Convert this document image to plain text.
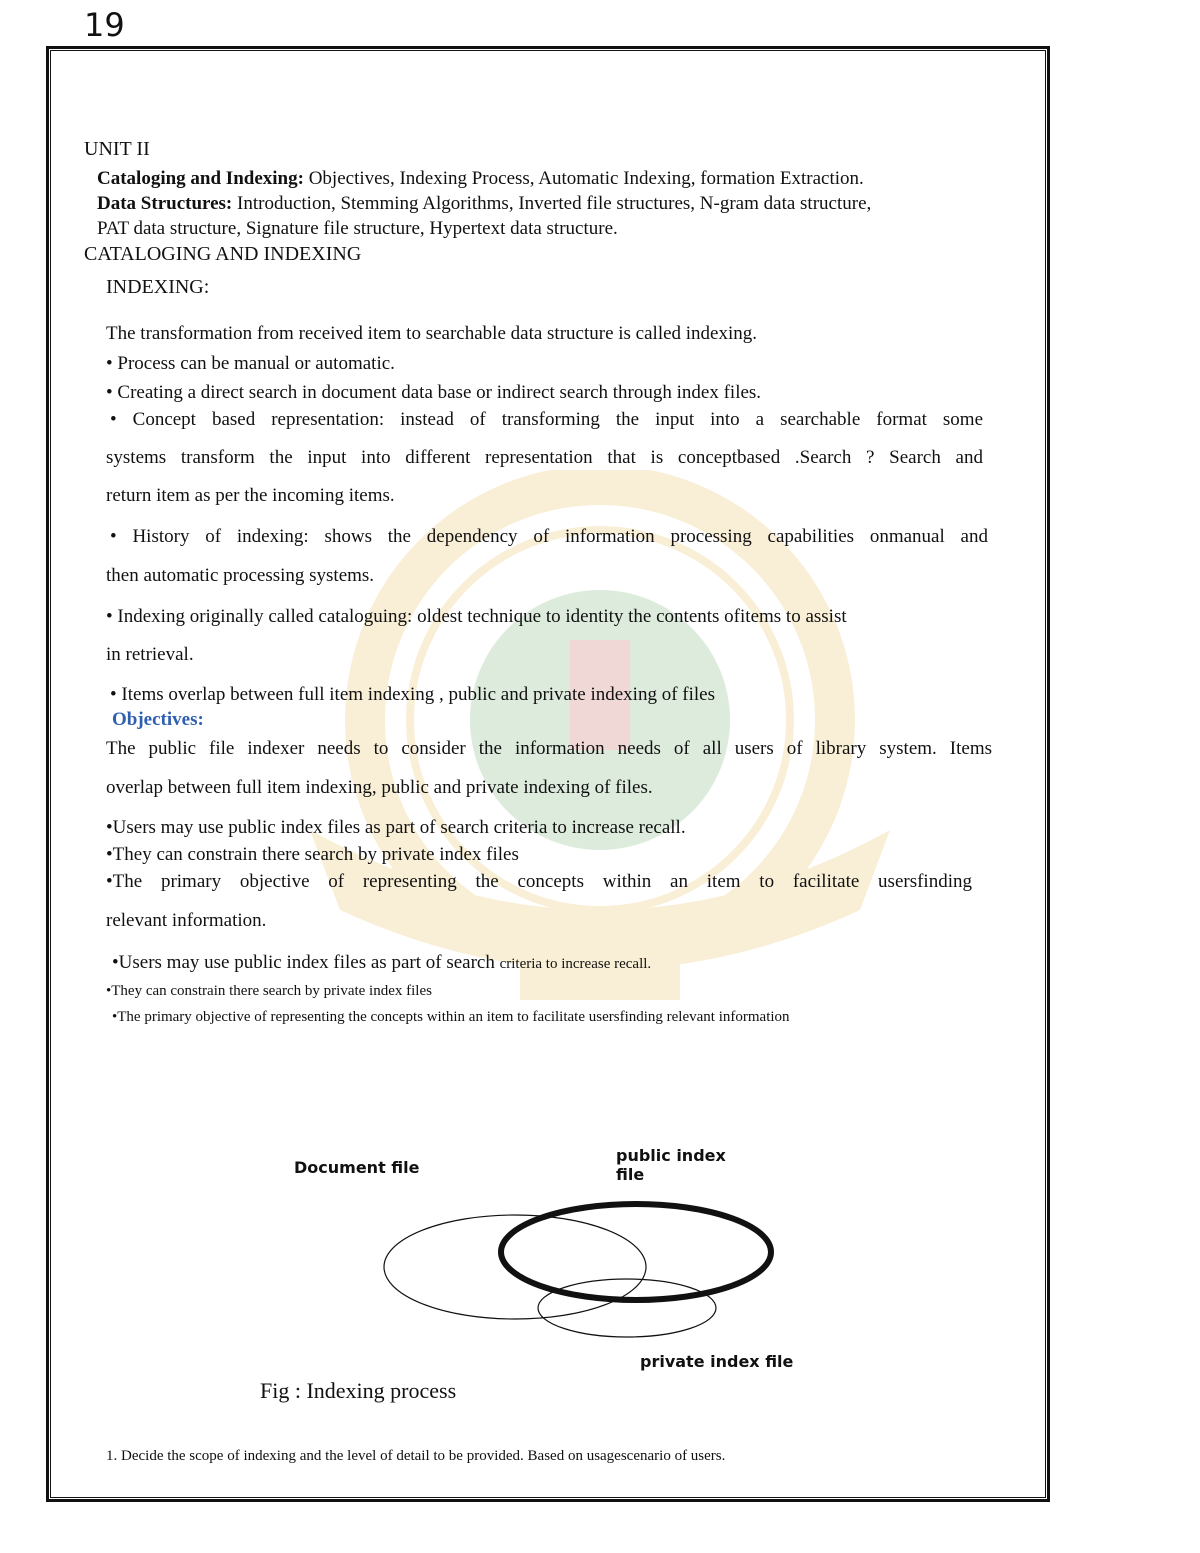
19
UNIT II
Cataloging and Indexing: Objectives, Indexing Process, Automatic Indexing, formation Extraction.
Data Structures: Introduction, Stemming Algorithms, Inverted file structures, N-gram data structure,
PAT data structure, Signature file structure, Hypertext data structure.
CATALOGING AND INDEXING
INDEXING:
The transformation from received item to searchable data structure is called indexing.
• Process can be manual or automatic.
• Creating a direct search in document data base or indirect search through index files.
• Concept based representation: instead of transforming the input into a searchable format some
systems transform the input into different representation that is conceptbased .Search ? Search and
return item as per the incoming items.
• History of indexing: shows the dependency of information processing capabilities onmanual and
then automatic processing systems.
• Indexing originally called cataloguing: oldest technique to identity the contents ofitems to assist
in retrieval.
• Items overlap between full item indexing , public and private indexing of files
Objectives:
The public file indexer needs to consider the information needs of all users of library system. Items
overlap between full item indexing, public and private indexing of files.
•Users may use public index files as part of search criteria to increase recall.
•They can constrain there search by private index files
•The primary objective of representing the concepts within an item to facilitate usersfinding
relevant information.
•Users may use public index files as part of search criteria to increase recall.
•They can constrain there search by private index files
•The primary objective of representing the concepts within an item to facilitate usersfinding relevant information
Document file
public index
file
private index file
Fig : Indexing process
1. Decide the scope of indexing and the level of detail to be provided. Based on usagescenario of users.
